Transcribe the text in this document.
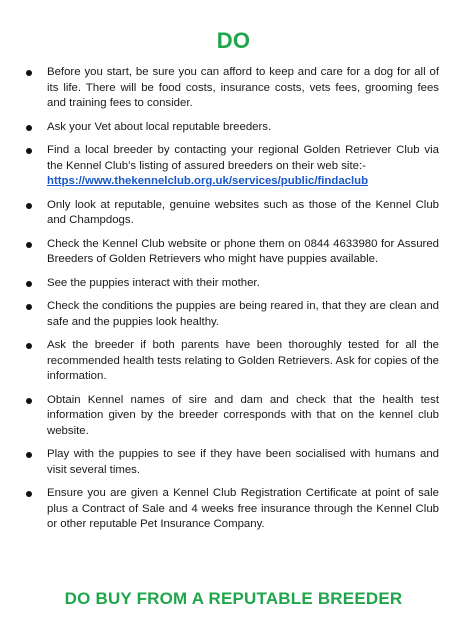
DO
Before you start, be sure you can afford to keep and care for a dog for all of its life. There will be food costs, insurance costs, vets fees, grooming fees and training fees to consider.
Ask your Vet about local reputable breeders.
Find a local breeder by contacting your regional Golden Retriever Club via the Kennel Club’s listing of assured breeders on their web site:-
https://www.thekennelclub.org.uk/services/public/findaclub
Only look at reputable, genuine websites such as those of the Kennel Club and Champdogs.
Check the Kennel Club website or phone them on 0844 4633980 for Assured Breeders of Golden Retrievers who might have puppies available.
See the puppies interact with their mother.
Check the conditions the puppies are being reared in, that they are clean and safe and the puppies look healthy.
Ask the breeder if both parents have been thoroughly tested for all the recommended health tests relating to Golden Retrievers. Ask for copies of the information.
Obtain Kennel names of sire and dam and check that the health test information given by the breeder corresponds with that on the kennel club website.
Play with the puppies to see if they have been socialised with humans and visit several times.
Ensure you are given a Kennel Club Registration Certificate at point of sale plus a Contract of Sale and 4 weeks free insurance through the Kennel Club or other reputable Pet Insurance Company.
DO BUY FROM A REPUTABLE BREEDER
